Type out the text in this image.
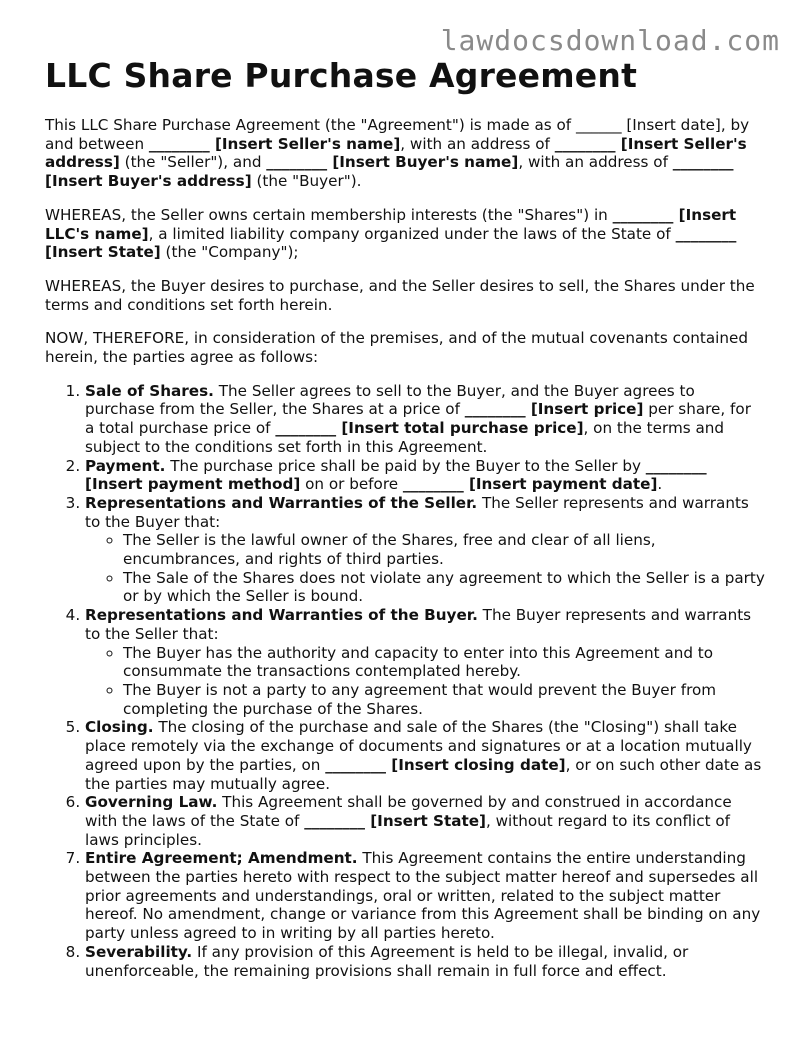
lawdocsdownload.com
LLC Share Purchase Agreement

This LLC Share Purchase Agreement (the "Agreement") is made as of ______ [Insert date], by and between ________ [Insert Seller's name], with an address of ________ [Insert Seller's address] (the "Seller"), and ________ [Insert Buyer's name], with an address of ________ [Insert Buyer's address] (the "Buyer").

WHEREAS, the Seller owns certain membership interests (the "Shares") in ________ [Insert LLC's name], a limited liability company organized under the laws of the State of ________ [Insert State] (the "Company");

WHEREAS, the Buyer desires to purchase, and the Seller desires to sell, the Shares under the terms and conditions set forth herein.

NOW, THEREFORE, in consideration of the premises, and of the mutual covenants contained herein, the parties agree as follows:

1. Sale of Shares. The Seller agrees to sell to the Buyer, and the Buyer agrees to purchase from the Seller, the Shares at a price of ________ [Insert price] per share, for a total purchase price of ________ [Insert total purchase price], on the terms and subject to the conditions set forth in this Agreement.
2. Payment. The purchase price shall be paid by the Buyer to the Seller by ________ [Insert payment method] on or before ________ [Insert payment date].
3. Representations and Warranties of the Seller. The Seller represents and warrants to the Buyer that:
◦ The Seller is the lawful owner of the Shares, free and clear of all liens, encumbrances, and rights of third parties.
◦ The Sale of the Shares does not violate any agreement to which the Seller is a party or by which the Seller is bound.
4. Representations and Warranties of the Buyer. The Buyer represents and warrants to the Seller that:
◦ The Buyer has the authority and capacity to enter into this Agreement and to consummate the transactions contemplated hereby.
◦ The Buyer is not a party to any agreement that would prevent the Buyer from completing the purchase of the Shares.
5. Closing. The closing of the purchase and sale of the Shares (the "Closing") shall take place remotely via the exchange of documents and signatures or at a location mutually agreed upon by the parties, on ________ [Insert closing date], or on such other date as the parties may mutually agree.
6. Governing Law. This Agreement shall be governed by and construed in accordance with the laws of the State of ________ [Insert State], without regard to its conflict of laws principles.
7. Entire Agreement; Amendment. This Agreement contains the entire understanding between the parties hereto with respect to the subject matter hereof and supersedes all prior agreements and understandings, oral or written, related to the subject matter hereof. No amendment, change or variance from this Agreement shall be binding on any party unless agreed to in writing by all parties hereto.
8. Severability. If any provision of this Agreement is held to be illegal, invalid, or unenforceable, the remaining provisions shall remain in full force and effect.
